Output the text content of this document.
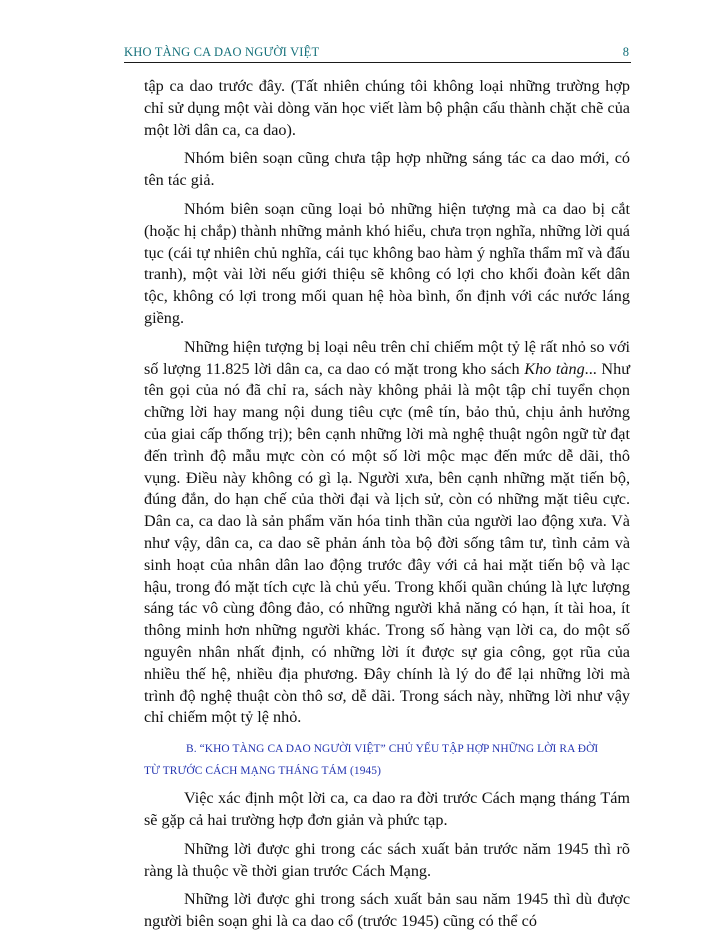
KHO TÀNG CA DAO NGƯỜI VIỆT	8

tập ca dao trước đây. (Tất nhiên chúng tôi không loại những trường hợp chỉ sử dụng một vài dòng văn học viết làm bộ phận cấu thành chặt chẽ của một lời dân ca, ca dao).

Nhóm biên soạn cũng chưa tập hợp những sáng tác ca dao mới, có tên tác giả.

Nhóm biên soạn cũng loại bỏ những hiện tượng mà ca dao bị cắt (hoặc hị chắp) thành những mảnh khó hiểu, chưa trọn nghĩa, những lời quá tục (cái tự nhiên chủ nghĩa, cái tục không bao hàm ý nghĩa thẩm mĩ và đấu tranh), một vài lời nếu giới thiệu sẽ không có lợi cho khối đoàn kết dân tộc, không có lợi trong mối quan hệ hòa bình, ổn định với các nước láng giềng.

Những hiện tượng bị loại nêu trên chỉ chiếm một tỷ lệ rất nhỏ so với số lượng 11.825 lời dân ca, ca dao có mặt trong kho sách Kho tàng... Như tên gọi của nó đã chỉ ra, sách này không phải là một tập chỉ tuyển chọn chững lời hay mang nội dung tiêu cực (mê tín, bảo thủ, chịu ảnh hưởng của giai cấp thống trị); bên cạnh những lời mà nghệ thuật ngôn ngữ từ đạt đến trình độ mẫu mực còn có một số lời mộc mạc đến mức dễ dãi, thô vụng. Điều này không có gì lạ. Người xưa, bên cạnh những mặt tiến bộ, đúng đắn, do hạn chế của thời đại và lịch sử, còn có những mặt tiêu cực. Dân ca, ca dao là sản phẩm văn hóa tinh thần của người lao động xưa. Và như vậy, dân ca, ca dao sẽ phản ánh tòa bộ đời sống tâm tư, tình cảm và sinh hoạt của nhân dân lao động trước đây với cả hai mặt tiến bộ và lạc hậu, trong đó mặt tích cực là chủ yếu. Trong khối quần chúng là lực lượng sáng tác vô cùng đông đảo, có những người khả năng có hạn, ít tài hoa, ít thông minh hơn những người khác. Trong số hàng vạn lời ca, do một số nguyên nhân nhất định, có những lời ít được sự gia công, gọt rũa của nhiều thế hệ, nhiều địa phương. Đây chính là lý do để lại những lời mà trình độ nghệ thuật còn thô sơ, dễ dãi. Trong sách này, những lời như vậy chỉ chiếm một tỷ lệ nhỏ.

B. “KHO TÀNG CA DAO NGƯỜI VIỆT” CHỦ YẾU TẬP HỢP NHỮNG LỜI RA ĐỜI
TỪ TRƯỚC CÁCH MẠNG THÁNG TÁM (1945)

Việc xác định một lời ca, ca dao ra đời trước Cách mạng tháng Tám sẽ gặp cả hai trường hợp đơn giản và phức tạp.

Những lời được ghi trong các sách xuất bản trước năm 1945 thì rõ ràng là thuộc về thời gian trước Cách Mạng.

Những lời được ghi trong sách xuất bản sau năm 1945 thì dù được người biên soạn ghi là ca dao cổ (trước 1945) cũng có thể có
